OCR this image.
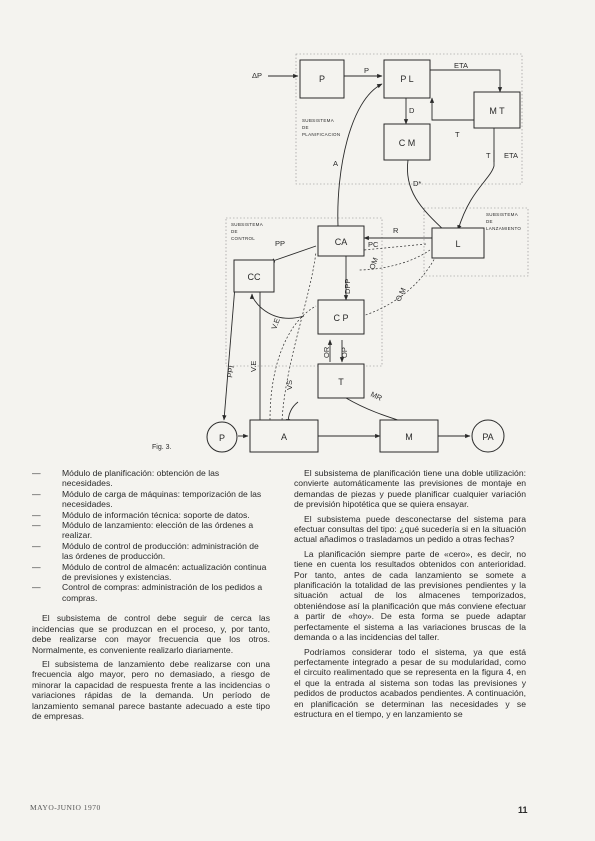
SUBSISTEMA
DE
PLANIFICACION
SUBSISTEMA
DE
CONTROL
SUBSISTEMA
DE
LANZAMIENTO
P	P L
M T
C M
CA
CC
C P
L
T
A	M
P	PA
ΔP
P
ETA
D
T
T ETA
D*
A
R
PP	PC
OM
DPP	O.M
V.E
PPI V.E
VS
OR OP
MR
Fig. 3.
— Módulo de planificación: obtención de las necesidades.
— Módulo de carga de máquinas: temporización de las necesidades.
— Módulo de información técnica: soporte de datos.
— Módulo de lanzamiento: elección de las órdenes a realizar.
— Módulo de control de producción: administración de las órdenes de producción.
— Módulo de control de almacén: actualización continua de previsiones y existencias.
— Control de compras: administración de los pedidos a compras.

El subsistema de control debe seguir de cerca las incidencias que se produzcan en el proceso, y, por tanto, debe realizarse con mayor frecuencia que los otros. Normalmente, es conveniente realizarlo diariamente.

El subsistema de lanzamiento debe realizarse con una frecuencia algo mayor, pero no demasiado, a riesgo de minorar la capacidad de respuesta frente a las incidencias o variaciones rápidas de la demanda. Un período de lanzamiento semanal parece bastante adecuado a este tipo de empresas.

El subsistema de planificación tiene una doble utilización: convierte automáticamente las previsiones de montaje en demandas de piezas y puede planificar cualquier variación de previsión hipotética que se quiera ensayar.

El subsistema puede desconectarse del sistema para efectuar consultas del tipo: ¿qué sucedería si en la situación actual añadimos o trasladamos un pedido a otras fechas?

La planificación siempre parte de «cero», es decir, no tiene en cuenta los resultados obtenidos con anterioridad. Por tanto, antes de cada lanzamiento se somete a planificación la totalidad de las previsiones pendientes y la situación actual de los almacenes temporizados, obteniéndose así la planificación que más conviene efectuar a partir de «hoy». De esta forma se puede adaptar perfectamente el sistema a las variaciones bruscas de la demanda o a las incidencias del taller.

Podríamos considerar todo el sistema, ya que está perfectamente integrado a pesar de su modularidad, como el circuito realimentado que se representa en la figura 4, en el que la entrada al sistema son todas las previsiones y pedidos de productos acabados pendientes. A continuación, en planificación se determinan las necesidades y se estructura en el tiempo, y en lanzamiento se

MAYO-JUNIO 1970	11
